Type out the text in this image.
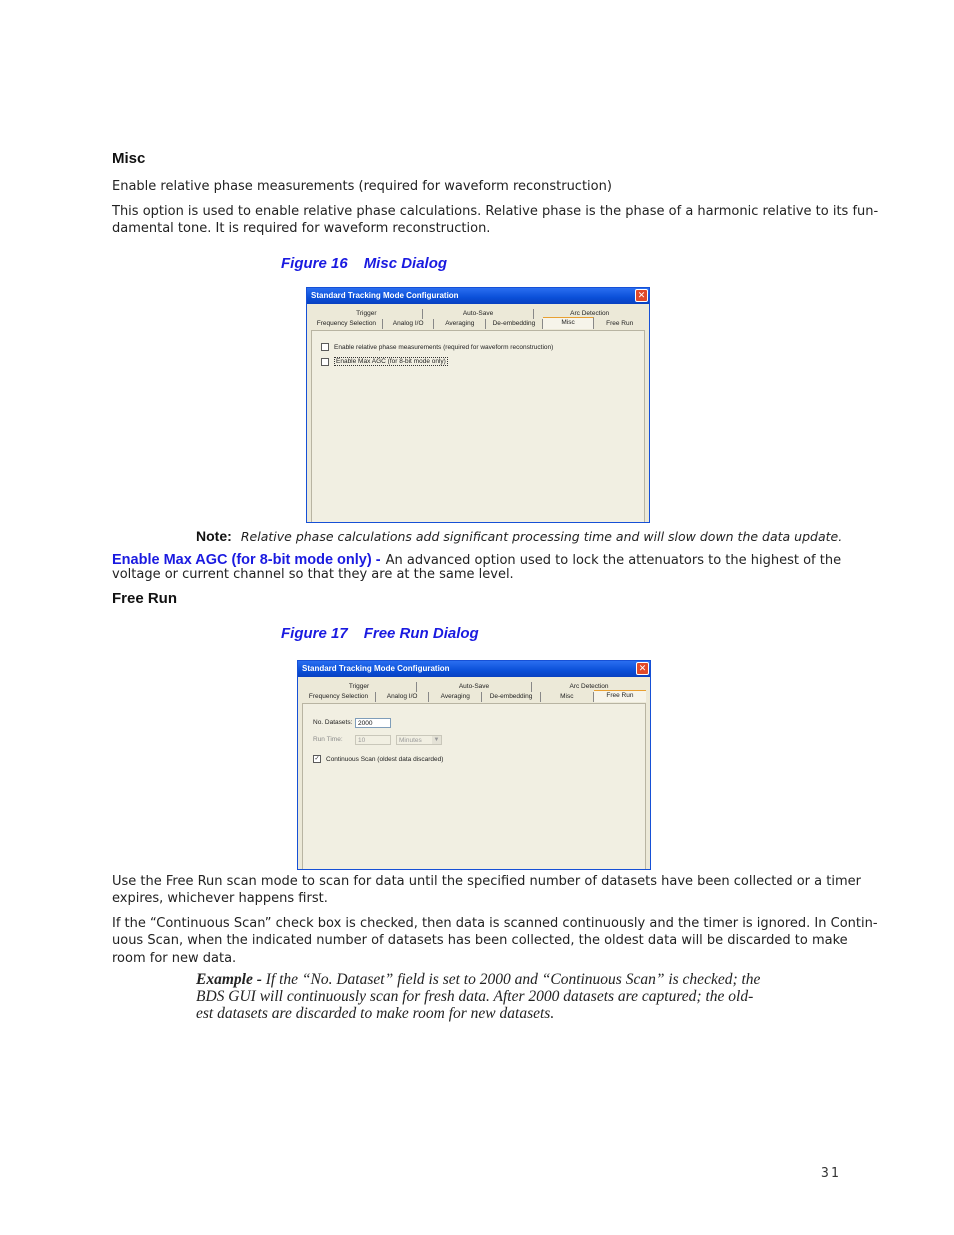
Misc
Enable relative phase measurements (required for waveform reconstruction)
This option is used to enable relative phase calculations. Relative phase is the phase of a harmonic relative to its fun-
damental tone. It is required for waveform reconstruction.
Figure 16 Misc Dialog
Standard Tracking Mode Configuration	✕
Trigger	Auto-Save	Arc Detection
Frequency Selection	Analog I/O	Averaging	De-embedding	Misc	Free Run
Enable relative phase measurements (required for waveform reconstruction)
Enable Max AGC (for 8-bit mode only)
Note: Relative phase calculations add significant processing time and will slow down the data update.
Enable Max AGC (for 8-bit mode only) - An advanced option used to lock the attenuators to the highest of the
voltage or current channel so that they are at the same level.
Free Run
Figure 17 Free Run Dialog
Standard Tracking Mode Configuration	✕
Trigger	Auto-Save	Arc Detection
Frequency Selection	Analog I/O	Averaging	De-embedding	Misc	Free Run
No. Datasets: 2000
Run Time:	10	Minutes ▼
✓ Continuous Scan (oldest data discarded)
Use the Free Run scan mode to scan for data until the specified number of datasets have been collected or a timer
expires, whichever happens first.
If the “Continuous Scan” check box is checked, then data is scanned continuously and the timer is ignored. In Contin-
uous Scan, when the indicated number of datasets has been collected, the oldest data will be discarded to make
room for new data.
Example - If the “No. Dataset” field is set to 2000 and “Continuous Scan” is checked; the
BDS GUI will continuously scan for fresh data. After 2000 datasets are captured; the old-
est datasets are discarded to make room for new datasets.
31
